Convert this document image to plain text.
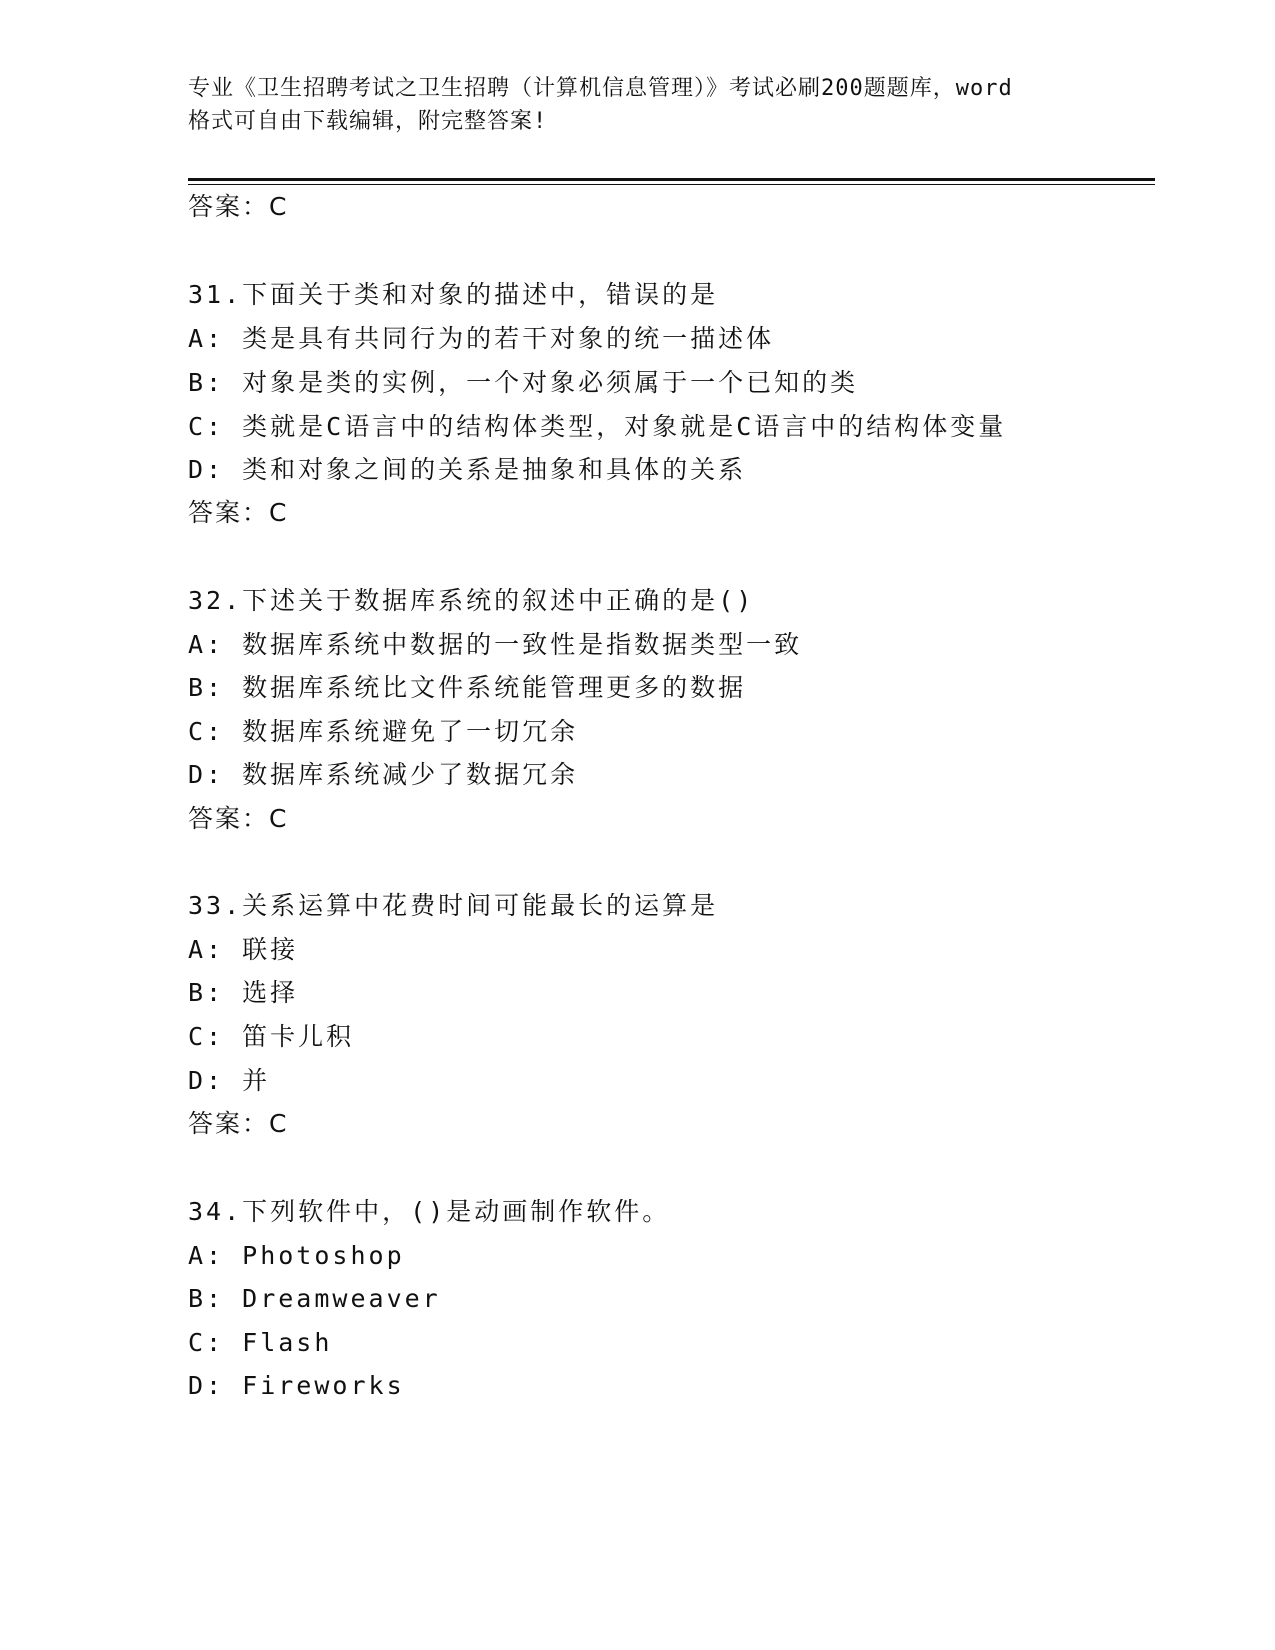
专业《卫生招聘考试之卫生招聘（计算机信息管理）》考试必刷200题题库，word
格式可自由下载编辑，附完整答案!
答案：C
31.下面关于类和对象的描述中，错误的是
A: 类是具有共同行为的若干对象的统一描述体
B: 对象是类的实例，一个对象必须属于一个已知的类
C: 类就是C语言中的结构体类型，对象就是C语言中的结构体变量
D: 类和对象之间的关系是抽象和具体的关系
答案：C
32.下述关于数据库系统的叙述中正确的是()
A: 数据库系统中数据的一致性是指数据类型一致
B: 数据库系统比文件系统能管理更多的数据
C: 数据库系统避免了一切冗余
D: 数据库系统减少了数据冗余
答案：C
33.关系运算中花费时间可能最长的运算是
A: 联接
B: 选择
C: 笛卡儿积
D: 并
答案：C
34.下列软件中，()是动画制作软件。
A: Photoshop
B: Dreamweaver
C: Flash
D: Fireworks
